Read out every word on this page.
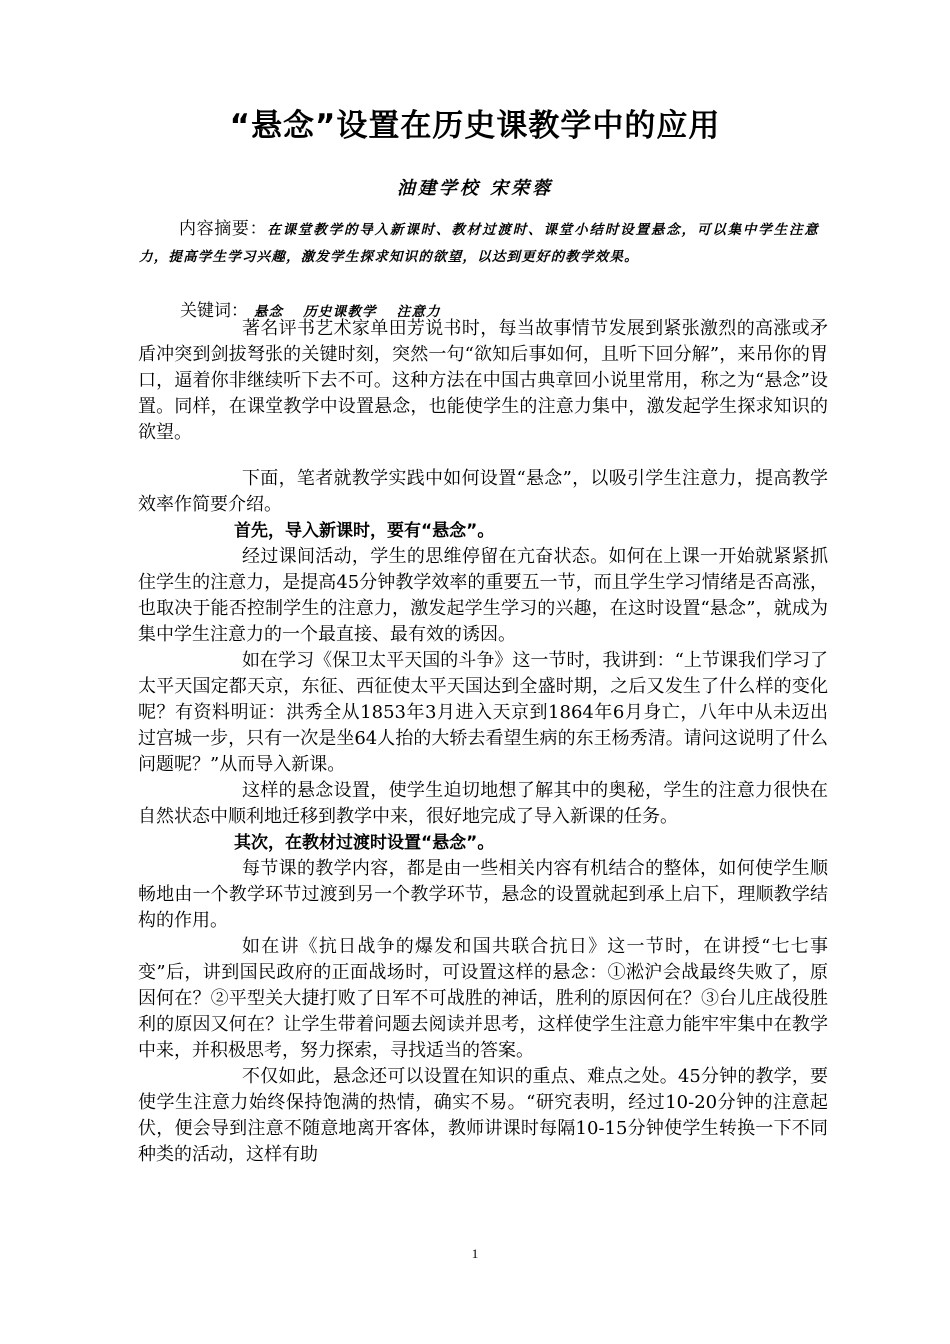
“悬念”设置在历史课教学中的应用
油建学校 宋荣蓉
内容摘要：在课堂教学的导入新课时、教材过渡时、课堂小结时设置悬念，可以集中学生注意力，提高学生学习兴趣，激发学生探求知识的欲望，以达到更好的教学效果。
关键词： 悬念 历史课教学 注意力

著名评书艺术家单田芳说书时，每当故事情节发展到紧张激烈的高涨或矛盾冲突到剑拔弩张的关键时刻，突然一句“欲知后事如何，且听下回分解”，来吊你的胃口，逼着你非继续听下去不可。这种方法在中国古典章回小说里常用，称之为“悬念”设置。同样，在课堂教学中设置悬念，也能使学生的注意力集中，激发起学生探求知识的欲望。

下面，笔者就教学实践中如何设置“悬念”，以吸引学生注意力，提高教学效率作简要介绍。

首先，导入新课时，要有“悬念”。

经过课间活动，学生的思维停留在亢奋状态。如何在上课一开始就紧紧抓住学生的注意力，是提高45分钟教学效率的重要五一节，而且学生学习情绪是否高涨，也取决于能否控制学生的注意力，激发起学生学习的兴趣，在这时设置“悬念”，就成为集中学生注意力的一个最直接、最有效的诱因。

如在学习《保卫太平天国的斗争》这一节时，我讲到：“上节课我们学习了太平天国定都天京，东征、西征使太平天国达到全盛时期，之后又发生了什么样的变化呢？有资料明证：洪秀全从1853年3月进入天京到1864年6月身亡，八年中从未迈出过宫城一步，只有一次是坐64人抬的大轿去看望生病的东王杨秀清。请问这说明了什么问题呢？”从而导入新课。

这样的悬念设置，使学生迫切地想了解其中的奥秘，学生的注意力很快在自然状态中顺利地迁移到教学中来，很好地完成了导入新课的任务。

其次，在教材过渡时设置“悬念”。

每节课的教学内容，都是由一些相关内容有机结合的整体，如何使学生顺畅地由一个教学环节过渡到另一个教学环节，悬念的设置就起到承上启下，理顺教学结构的作用。

如在讲《抗日战争的爆发和国共联合抗日》这一节时，在讲授“七七事变”后，讲到国民政府的正面战场时，可设置这样的悬念：①淞沪会战最终失败了，原因何在？②平型关大捷打败了日军不可战胜的神话，胜利的原因何在？③台儿庄战役胜利的原因又何在？让学生带着问题去阅读并思考，这样使学生注意力能牢牢集中在教学中来，并积极思考，努力探索，寻找适当的答案。

不仅如此，悬念还可以设置在知识的重点、难点之处。45分钟的教学，要使学生注意力始终保持饱满的热情，确实不易。“研究表明，经过10-20分钟的注意起伏，便会导到注意不随意地离开客体，教师讲课时每隔10-15分钟使学生转换一下不同种类的活动，这样有助

1
